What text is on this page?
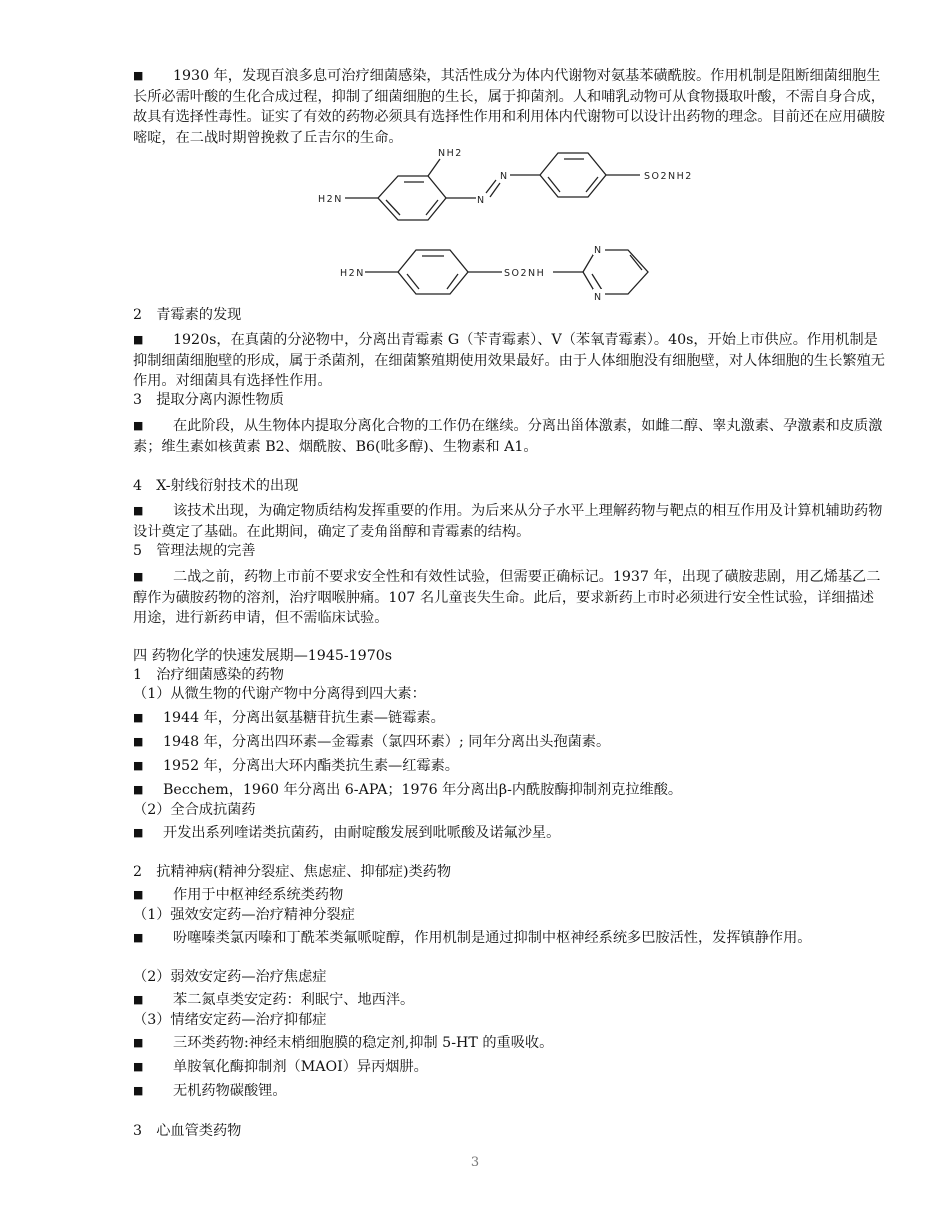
■ 1930 年，发现百浪多息可治疗细菌感染，其活性成分为体内代谢物对氨基苯磺酰胺。作用机制是阻断细菌细胞生长所必需叶酸的生化合成过程，抑制了细菌细胞的生长，属于抑菌剂。人和哺乳动物可从食物摄取叶酸，不需自身合成，故具有选择性毒性。证实了有效的药物必须具有选择性作用和利用体内代谢物可以设计出药物的理念。目前还在应用磺胺嘧啶，在二战时期曾挽救了丘吉尔的生命。
NH2
H2N	N
N	SO2NH2
H2N	SO2NH
N
N
2　青霉素的发现
■ 1920s，在真菌的分泌物中，分离出青霉素 G（苄青霉素）、V（苯氧青霉素）。40s，开始上市供应。作用机制是抑制细菌细胞壁的形成，属于杀菌剂，在细菌繁殖期使用效果最好。由于人体细胞没有细胞壁，对人体细胞的生长繁殖无作用。对细菌具有选择性作用。
3　提取分离内源性物质
■ 在此阶段，从生物体内提取分离化合物的工作仍在继续。分离出甾体激素，如雌二醇、睾丸激素、孕激素和皮质激素；维生素如核黄素 B2、烟酰胺、B6(吡多醇)、生物素和 A1。
4　X-射线衍射技术的出现
■ 该技术出现，为确定物质结构发挥重要的作用。为后来从分子水平上理解药物与靶点的相互作用及计算机辅助药物设计奠定了基础。在此期间，确定了麦角甾醇和青霉素的结构。
5　管理法规的完善
■ 二战之前，药物上市前不要求安全性和有效性试验，但需要正确标记。1937 年，出现了磺胺悲剧，用乙烯基乙二醇作为磺胺药物的溶剂，治疗咽喉肿痛。107 名儿童丧失生命。此后，要求新药上市时必须进行安全性试验，详细描述用途，进行新药申请，但不需临床试验。
四 药物化学的快速发展期—1945-1970s
1　治疗细菌感染的药物
（1）从微生物的代谢产物中分离得到四大素：
■ 1944 年，分离出氨基糖苷抗生素—链霉素。
■ 1948 年，分离出四环素—金霉素（氯四环素）; 同年分离出头孢菌素。
■ 1952 年，分离出大环内酯类抗生素—红霉素。
■ Becchem，1960 年分离出 6-APA；1976 年分离出β-内酰胺酶抑制剂克拉维酸。
（2）全合成抗菌药
■ 开发出系列喹诺类抗菌药，由耐啶酸发展到吡哌酸及诺氟沙星。
2　抗精神病(精神分裂症、焦虑症、抑郁症)类药物
■ 作用于中枢神经系统类药物
（1）强效安定药—治疗精神分裂症
■ 吩噻嗪类氯丙嗪和丁酰苯类氟哌啶醇，作用机制是通过抑制中枢神经系统多巴胺活性，发挥镇静作用。
（2）弱效安定药—治疗焦虑症
■ 苯二氮卓类安定药：利眠宁、地西泮。
（3）情绪安定药—治疗抑郁症
■ 三环类药物:神经末梢细胞膜的稳定剂,抑制 5-HT 的重吸收。
■ 单胺氧化酶抑制剂（MAOI）异丙烟肼。
■ 无机药物碳酸锂。
3　心血管类药物
3
